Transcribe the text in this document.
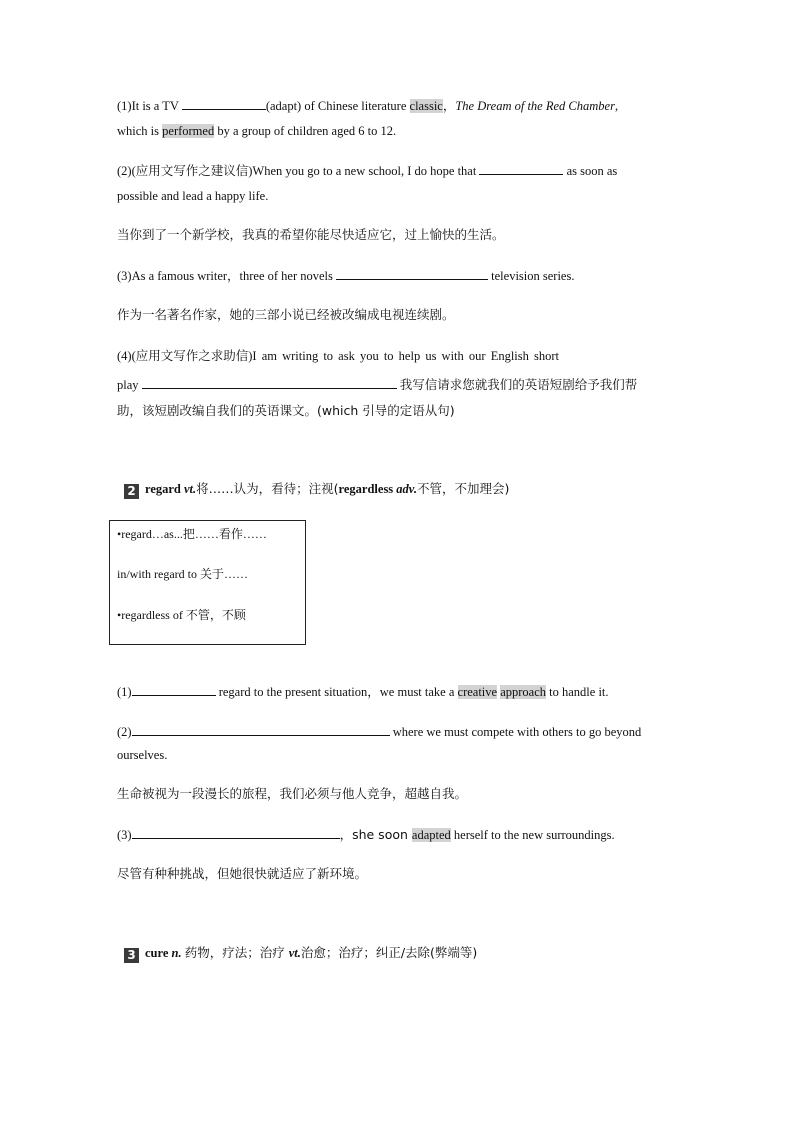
(1)It is a TV	(adapt) of Chinese literature classic，The Dream of the Red Chamber,
which is performed by a group of children aged 6 to 12.
(2)(应用文写作之建议信)When you go to a new school, I do hope that	as soon as
possible and lead a happy life.
当你到了一个新学校，我真的希望你能尽快适应它，过上愉快的生活。
(3)As a famous writer，three of her novels	television series.
作为一名著名作家，她的三部小说已经被改编成电视连续剧。
(4)(应用文写作之求助信)I am writing to ask you to help us with our English short
play	我写信请求您就我们的英语短剧给予我们帮
助，该短剧改编自我们的英语课文。(which 引导的定语从句)
2 regard vt.将……认为，看待；注视(regardless adv.不管，不加理会)
•regard…as...把……看作……
in/with regard to 关于……
•regardless of 不管，不顾
(1)	regard to the present situation，we must take a creative approach to handle it.
(2)	where we must compete with others to go beyond
ourselves.
生命被视为一段漫长的旅程，我们必须与他人竞争，超越自我。
(3)	，she soon adapted herself to the new surroundings.
尽管有种种挑战，但她很快就适应了新环境。
3 cure n. 药物，疗法；治疗 vt.治愈；治疗；纠正/去除(弊端等)
